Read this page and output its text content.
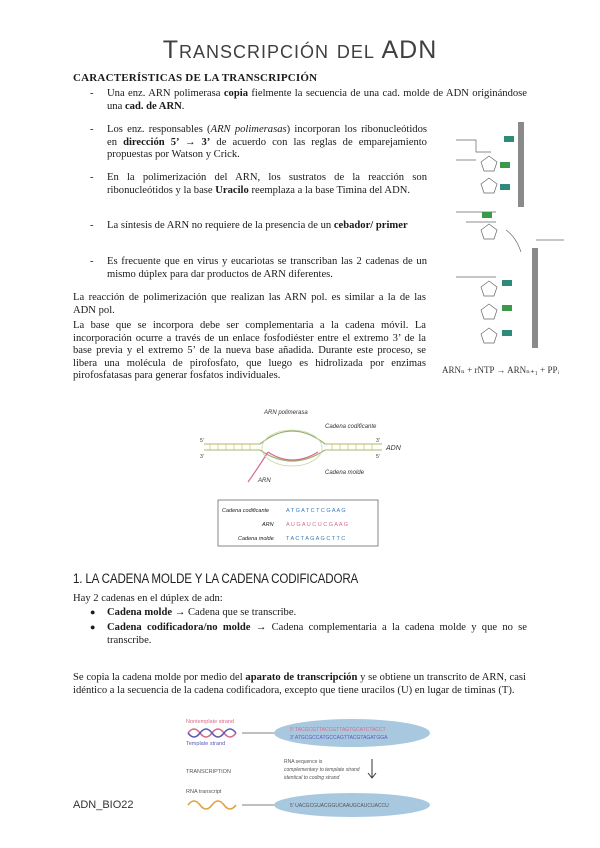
Transcripción del ADN
CARACTERÍSTICAS DE LA TRANSCRIPCIÓN
- Una enz. ARN polimerasa copia fielmente la secuencia de una cad. molde de ADN originándose una cad. de ARN.
- Los enz. responsables (ARN polimerasas) incorporan los ribonucleótidos en dirección 5’ → 3’ de acuerdo con las reglas de emparejamiento propuestas por Watson y Crick.
- En la polimerización del ARN, los sustratos de la reacción son ribonucleótidos y la base Uracilo reemplaza a la base Timina del ADN.
- La síntesis de ARN no requiere de la presencia de un cebador/ primer
- Es frecuente que en virus y eucariotas se transcriban las 2 cadenas de un mismo dúplex para dar productos de ARN diferentes.
La reacción de polimerización que realizan las ARN pol. es similar a la de las ADN pol.
La base que se incorpora debe ser complementaria a la cadena móvil. La incorporación ocurre a través de un enlace fosfodiéster entre el extremo 3’ de la base previa y el extremo 5’ de la nueva base añadida. Durante este proceso, se libera una molécula de pirofosfato, que luego es hidrolizada por enzimas pirofosfatasas para generar fosfatos individuales.
ARNₙ + rNTP → ARNₙ₊₁ + PPᵢ
ARN polimerasa
Cadena codificante
Cadena molde
ADN
ARN
5'
3'
3'
5'
Cadena codificante	A T G A T C T C G A A G
ARN A U G A U C U C G A A G
Cadena molde T A C T A G A G C T T C
1. LA CADENA MOLDE Y LA CADENA CODIFICADORA
Hay 2 cadenas en el dúplex de adn:
● Cadena molde → Cadena que se transcribe.
● Cadena codificadora/no molde → Cadena complementaria a la cadena molde y que no se transcribe.
Se copia la cadena molde por medio del aparato de transcripción y se obtiene un transcrito de ARN, casi idéntico a la secuencia de la cadena codificadora, excepto que tiene uracilos (U) en lugar de timinas (T).
Nontemplate strand
Template strand
5' TACGCGTTACCGTTAGTGCATCTACCT
3' ATGCGCCATGCCAGTTACGTAGATGGA
TRANSCRIPTION
RNA sequence is
complementary to template strand
identical to coding strand
RNA transcript
5' UACGCGUACGGUCAAUGCAUCUACCU
ADN_BIO22
